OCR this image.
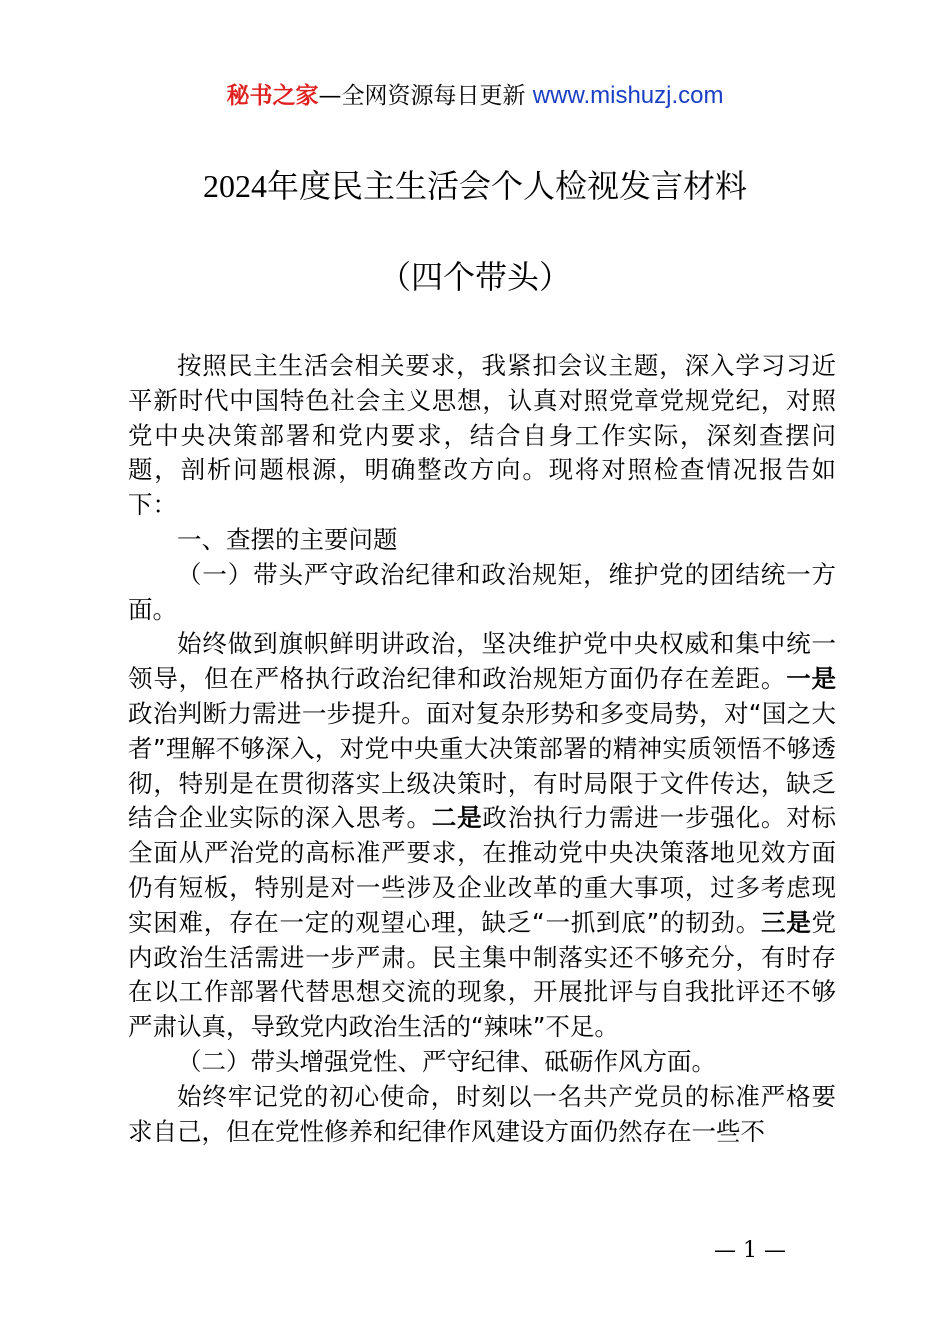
秘书之家—全网资源每日更新 www.mishuzj.com
2024年度民主生活会个人检视发言材料
（四个带头）

按照民主生活会相关要求，我紧扣会议主题，深入学习习近平新时代中国特色社会主义思想，认真对照党章党规党纪，对照党中央决策部署和党内要求，结合自身工作实际，深刻查摆问题，剖析问题根源，明确整改方向。现将对照检查情况报告如下：

一、查摆的主要问题

（一）带头严守政治纪律和政治规矩，维护党的团结统一方面。

始终做到旗帜鲜明讲政治，坚决维护党中央权威和集中统一领导，但在严格执行政治纪律和政治规矩方面仍存在差距。一是政治判断力需进一步提升。面对复杂形势和多变局势，对“国之大者”理解不够深入，对党中央重大决策部署的精神实质领悟不够透彻，特别是在贯彻落实上级决策时，有时局限于文件传达，缺乏结合企业实际的深入思考。二是政治执行力需进一步强化。对标全面从严治党的高标准严要求，在推动党中央决策落地见效方面仍有短板，特别是对一些涉及企业改革的重大事项，过多考虑现实困难，存在一定的观望心理，缺乏“一抓到底”的韧劲。三是党内政治生活需进一步严肃。民主集中制落实还不够充分，有时存在以工作部署代替思想交流的现象，开展批评与自我批评还不够严肃认真，导致党内政治生活的“辣味”不足。

（二）带头增强党性、严守纪律、砥砺作风方面。

始终牢记党的初心使命，时刻以一名共产党员的标准严格要求自己，但在党性修养和纪律作风建设方面仍然存在一些不

— 1 —
